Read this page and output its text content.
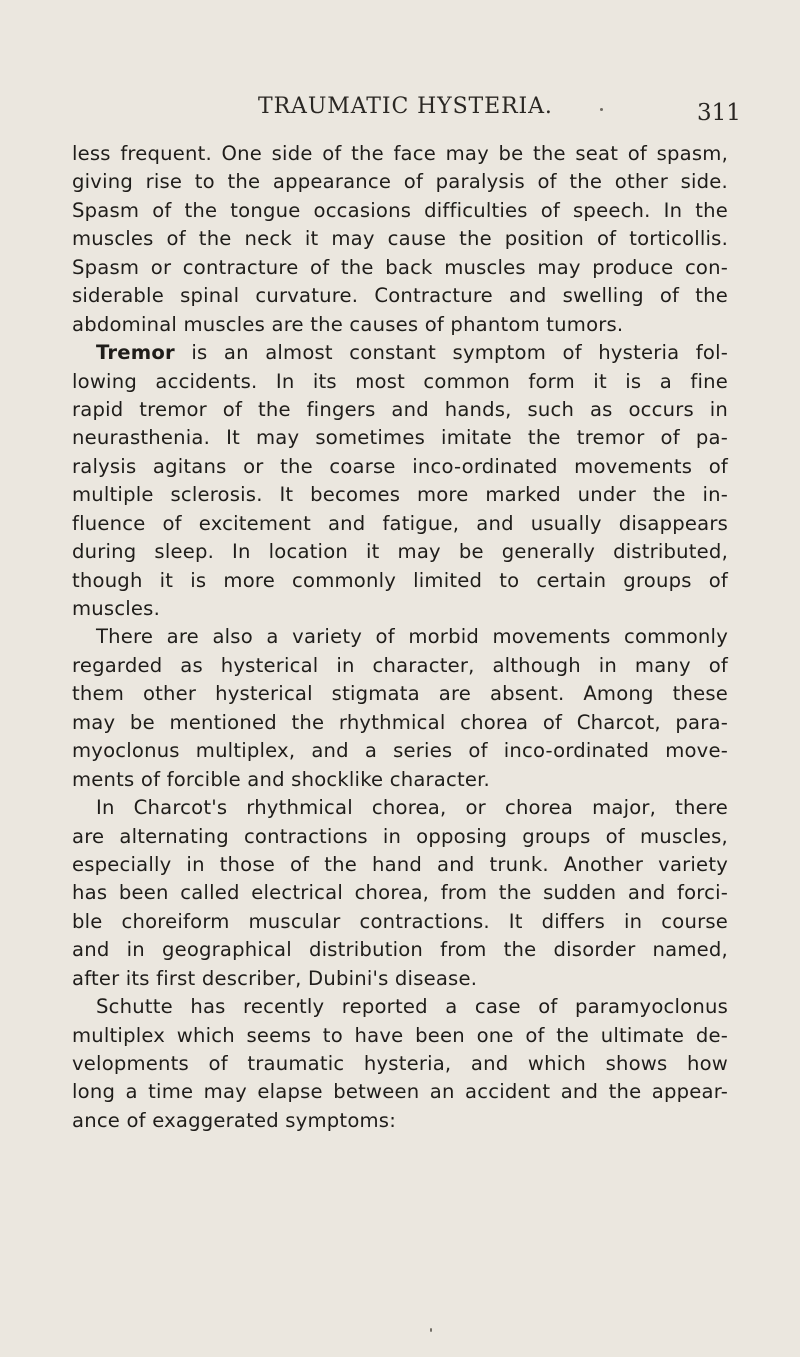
TRAUMATIC HYSTERIA.	311
less frequent. One side of the face may be the seat of spasm,
giving rise to the appearance of paralysis of the other side.
Spasm of the tongue occasions difficulties of speech. In the
muscles of the neck it may cause the position of torticollis.
Spasm or contracture of the back muscles may produce con-
siderable spinal curvature. Contracture and swelling of the
abdominal muscles are the causes of phantom tumors.
Tremor is an almost constant symptom of hysteria fol-
lowing accidents. In its most common form it is a fine
rapid tremor of the fingers and hands, such as occurs in
neurasthenia. It may sometimes imitate the tremor of pa-
ralysis agitans or the coarse inco-ordinated movements of
multiple sclerosis. It becomes more marked under the in-
fluence of excitement and fatigue, and usually disappears
during sleep. In location it may be generally distributed,
though it is more commonly limited to certain groups of
muscles.
There are also a variety of morbid movements commonly
regarded as hysterical in character, although in many of
them other hysterical stigmata are absent. Among these
may be mentioned the rhythmical chorea of Charcot, para-
myoclonus multiplex, and a series of inco-ordinated move-
ments of forcible and shocklike character.
In Charcot's rhythmical chorea, or chorea major, there
are alternating contractions in opposing groups of muscles,
especially in those of the hand and trunk. Another variety
has been called electrical chorea, from the sudden and forci-
ble choreiform muscular contractions. It differs in course
and in geographical distribution from the disorder named,
after its first describer, Dubini's disease.
Schutte has recently reported a case of paramyoclonus
multiplex which seems to have been one of the ultimate de-
velopments of traumatic hysteria, and which shows how
long a time may elapse between an accident and the appear-
ance of exaggerated symptoms:
